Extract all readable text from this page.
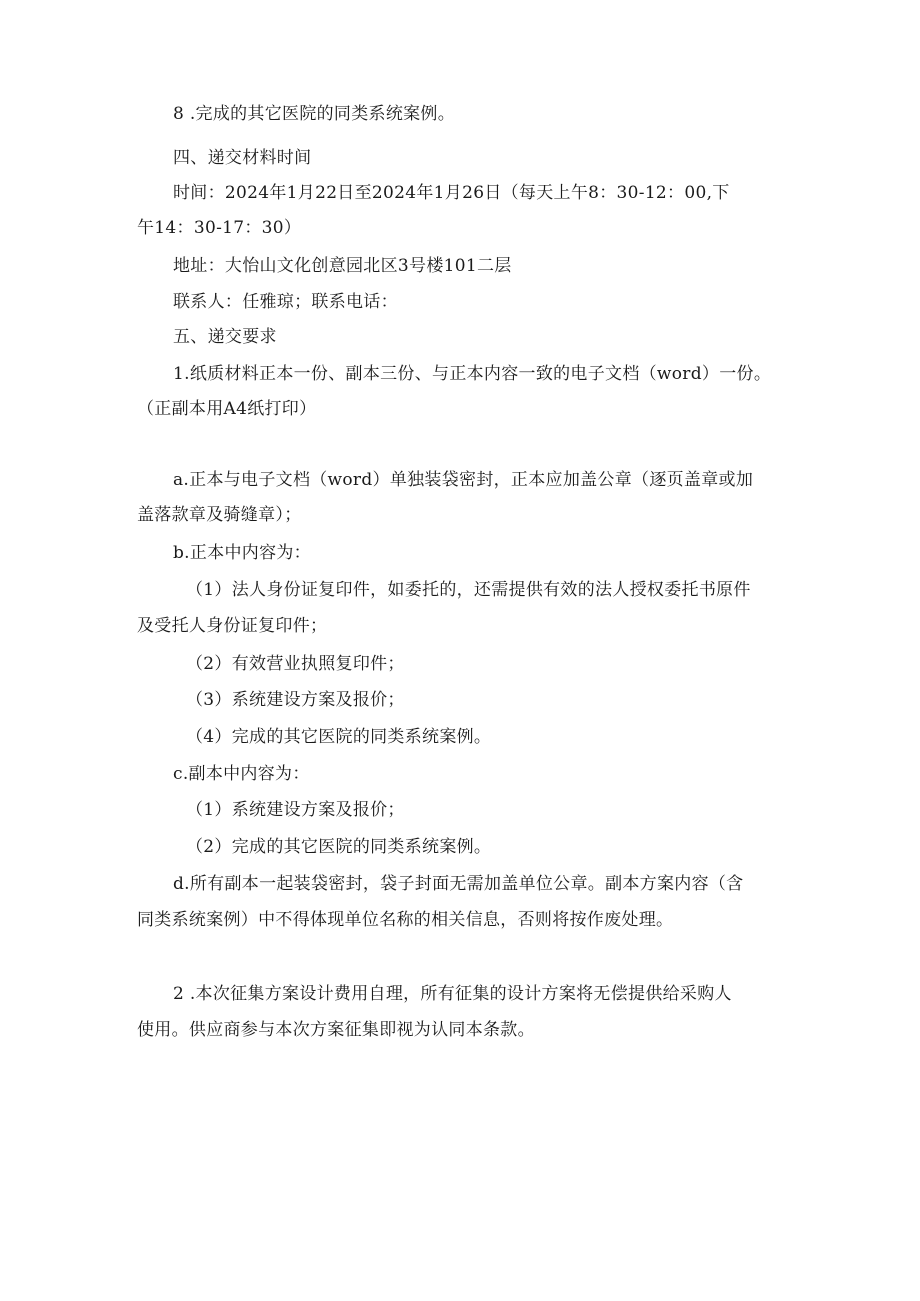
8 .完成的其它医院的同类系统案例。
四、递交材料时间
时间：2024年1月22日至2024年1月26日（每天上午8：30-12：00,下
午14：30-17：30）
地址：大怡山文化创意园北区3号楼101二层
联系人：任雅琼；联系电话：
五、递交要求
1.纸质材料正本一份、副本三份、与正本内容一致的电子文档（word）一份。
（正副本用A4纸打印）
a.正本与电子文档（word）单独装袋密封，正本应加盖公章（逐页盖章或加
盖落款章及骑缝章）；
b.正本中内容为：
（1）法人身份证复印件，如委托的，还需提供有效的法人授权委托书原件
及受托人身份证复印件；
（2）有效营业执照复印件；
（3）系统建设方案及报价；
（4）完成的其它医院的同类系统案例。
c.副本中内容为：
（1）系统建设方案及报价；
（2）完成的其它医院的同类系统案例。
d.所有副本一起装袋密封，袋子封面无需加盖单位公章。副本方案内容（含
同类系统案例）中不得体现单位名称的相关信息，否则将按作废处理。
2 .本次征集方案设计费用自理，所有征集的设计方案将无偿提供给采购人
使用。供应商参与本次方案征集即视为认同本条款。
